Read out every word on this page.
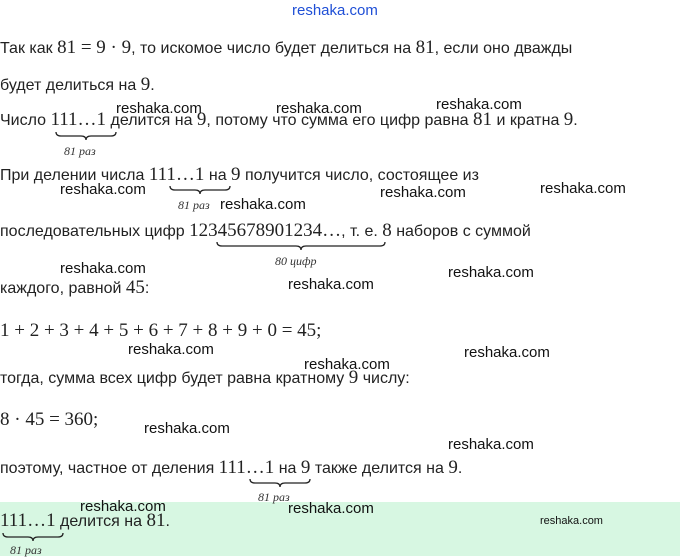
reshaka.com
Так как 81 = 9 · 9, то искомое число будет делиться на 81, если оно дважды
будет делиться на 9.
Число 111…1 делится на 9, потому что сумма его цифр равна 81 и кратна 9.
81 раз
При делении числа 111…1 на 9 получится число, состоящее из
81 раз
последовательных цифр 12345678901234…, т. е. 8 наборов с суммой
80 цифр
каждого, равной 45:
1 + 2 + 3 + 4 + 5 + 6 + 7 + 8 + 9 + 0 = 45;
тогда, сумма всех цифр будет равна кратному 9 числу:
8 · 45 = 360;
поэтому, частное от деления 111…1 на 9 также делится на 9.
81 раз
111…1 делится на 81.
81 раз
reshaka.com	reshaka.com	reshaka.com
reshaka.com	reshaka.com	reshaka.com
reshaka.com
reshaka.com	reshaka.com
reshaka.com
reshaka.com	reshaka.com
reshaka.com
reshaka.com
reshaka.com
reshaka.com	reshaka.com
reshaka.com
